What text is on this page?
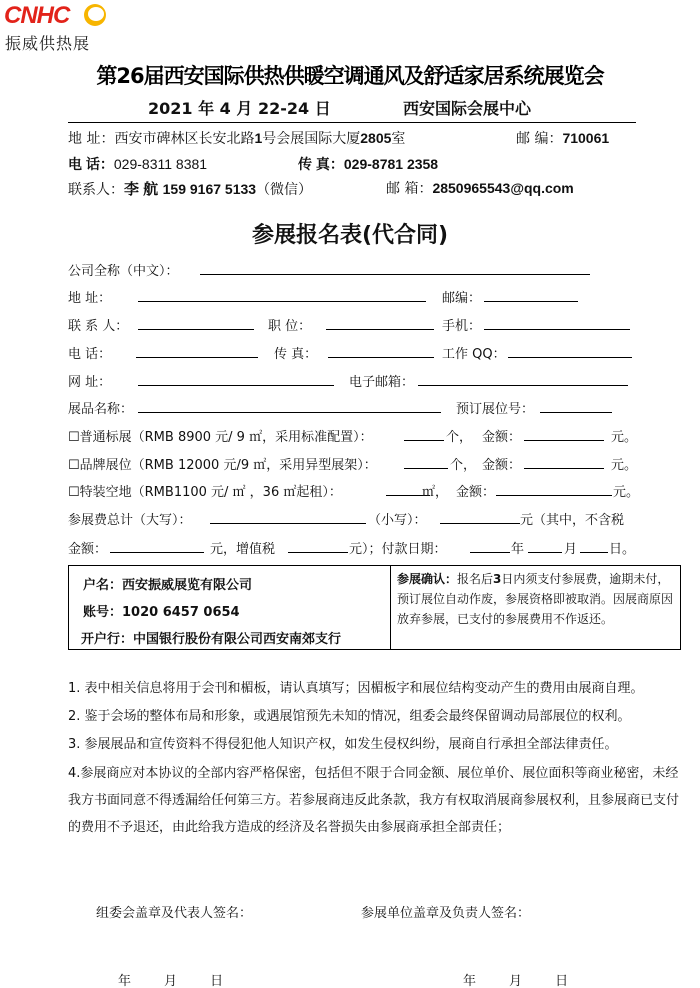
CNHC
振威供热展
第26届西安国际供热供暖空调通风及舒适家居系统展览会
2021 年 4 月 22-24 日	西安国际会展中心
地 址：西安市碑林区长安北路1号会展国际大厦2805室	邮 编：710061
电 话：029-8311 8381	传 真：029-8781 2358
联系人：李 航 159 9167 5133（微信）	邮 箱：2850965543@qq.com
参展报名表(代合同)
公司全称（中文）：
地 址：	邮编：
联 系 人：	职 位：	手机：
电 话：	传 真：	工作 QQ：
网 址：	电子邮箱：
展品名称：	预订展位号：
☐普通标展（RMB 8900 元/ 9 ㎡，采用标准配置）：	个， 金额：	元。
☐品牌展位（RMB 12000 元/9 ㎡，采用异型展架）：	个， 金额：	元。
☐特装空地（RMB1100 元/ ㎡ ，36 ㎡起租）：	㎡， 金额：	元。
参展费总计（大写）：	（小写）：	元（其中，不含税
金额：	元，增值税	元）；付款日期：	年	月 日。
户名：西安振威展览有限公司
账号：1020 6457 0654
开户行：中国银行股份有限公司西安南郊支行
参展确认：报名后3日内须支付参展费，逾期未付，预订展位自动作废，参展资格即被取消。因展商原因放弃参展，已支付的参展费用不作返还。
1. 表中相关信息将用于会刊和楣板，请认真填写；因楣板字和展位结构变动产生的费用由展商自理。
2. 鉴于会场的整体布局和形象，或遇展馆预先未知的情况，组委会最终保留调动局部展位的权利。
3. 参展展品和宣传资料不得侵犯他人知识产权，如发生侵权纠纷，展商自行承担全部法律责任。
4.参展商应对本协议的全部内容严格保密，包括但不限于合同金额、展位单价、展位面积等商业秘密，未经我方书面同意不得透漏给任何第三方。若参展商违反此条款，我方有权取消展商参展权利，且参展商已支付的费用不予退还，由此给我方造成的经济及名誉损失由参展商承担全部责任；
组委会盖章及代表人签名：	参展单位盖章及负责人签名：
年        月        日	年        月        日
